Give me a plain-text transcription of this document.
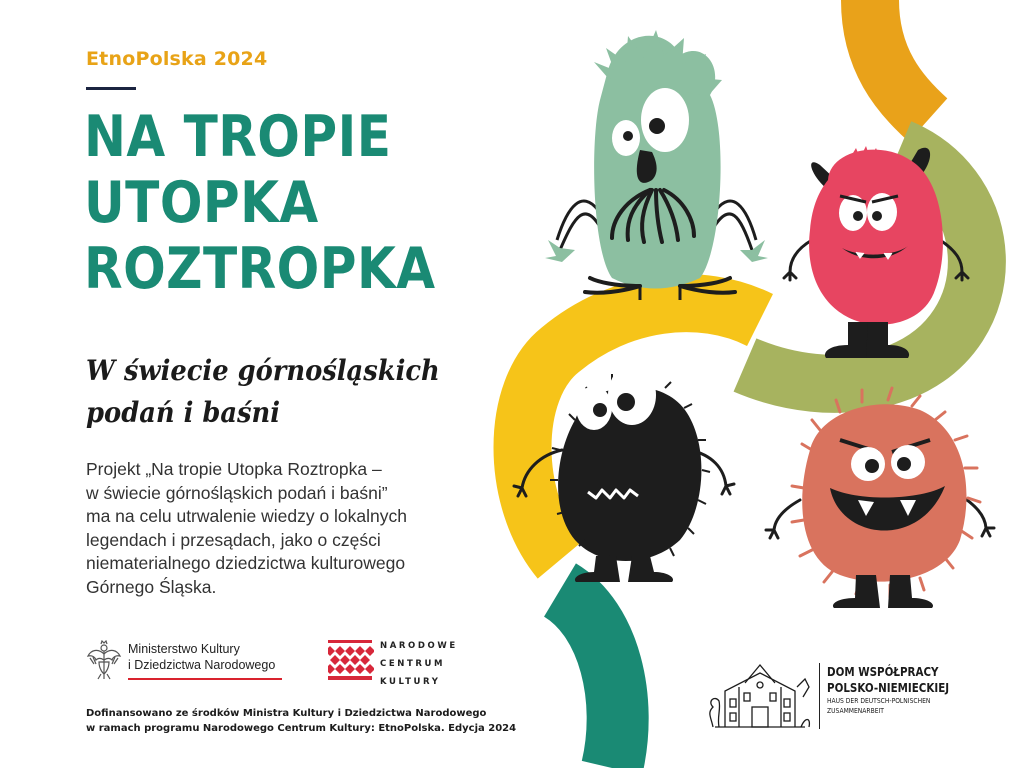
EtnoPolska 2024
NA TROPIE
UTOPKA
ROZTROPKA
W świecie górnośląskich
podań i baśni

Projekt „Na tropie Utopka Roztropka –
w świecie górnośląskich podań i baśni”
ma na celu utrwalenie wiedzy o lokalnych
legendach i przesądach, jako o części
niematerialnego dziedzictwa kulturowego
Górnego Śląska.

Ministerstwo Kultury
i Dziedzictwa Narodowego
NARODOWE
CENTRUM
KULTURY
Dofinansowano ze środków Ministra Kultury i Dziedzictwa Narodowego
w ramach programu Narodowego Centrum Kultury: EtnoPolska. Edycja 2024
DOM WSPÓŁPRACY
POLSKO-NIEMIECKIEJ
HAUS DER DEUTSCH-POLNISCHEN
ZUSAMMENARBEIT
